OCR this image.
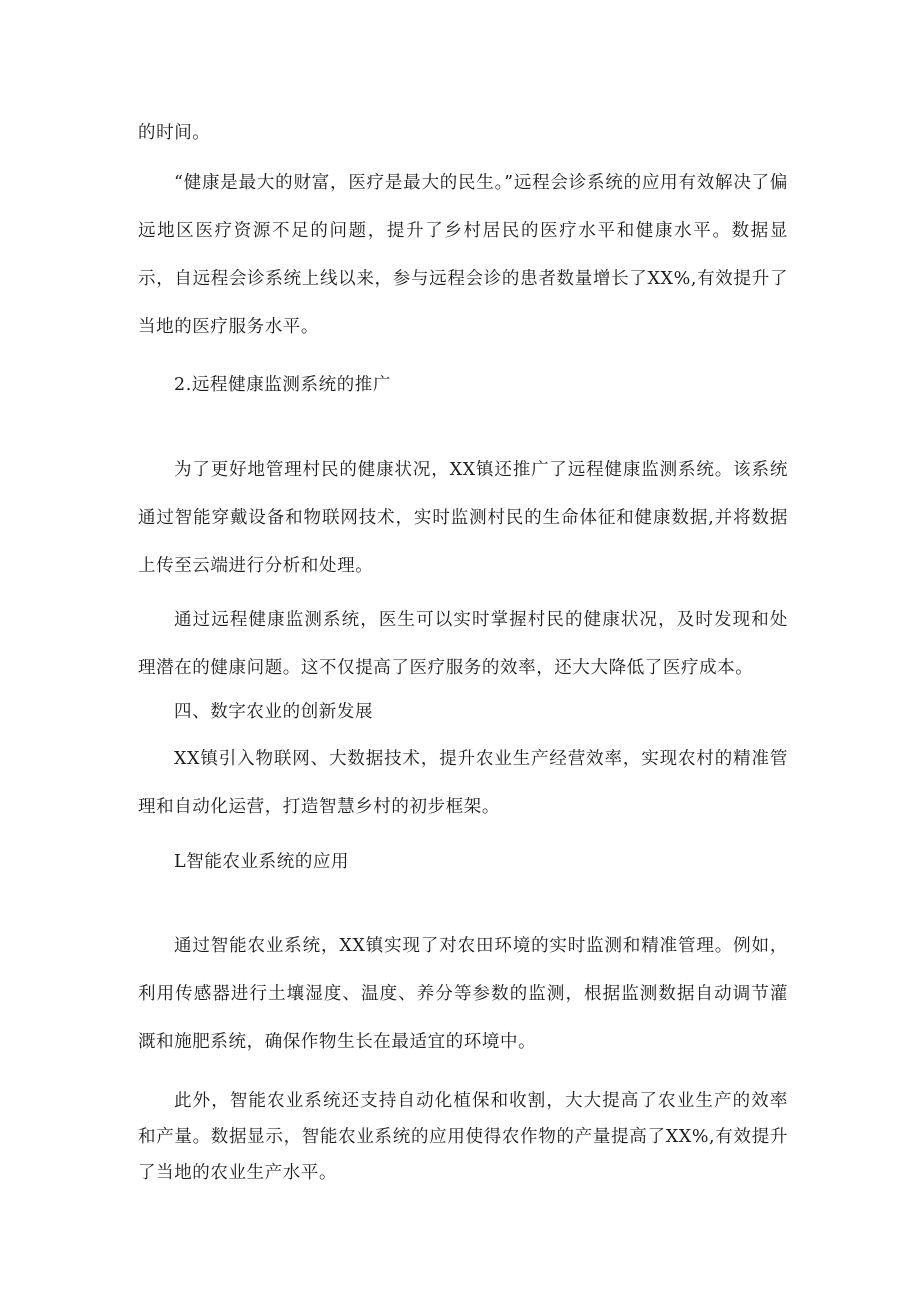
的时间。

“健康是最大的财富，医疗是最大的民生。”远程会诊系统的应用有效解决了偏远地区医疗资源不足的问题，提升了乡村居民的医疗水平和健康水平。数据显示，自远程会诊系统上线以来，参与远程会诊的患者数量增长了XX%,有效提升了当地的医疗服务水平。

2.远程健康监测系统的推广

为了更好地管理村民的健康状况，XX镇还推广了远程健康监测系统。该系统通过智能穿戴设备和物联网技术，实时监测村民的生命体征和健康数据,并将数据上传至云端进行分析和处理。

通过远程健康监测系统，医生可以实时掌握村民的健康状况，及时发现和处理潜在的健康问题。这不仅提高了医疗服务的效率，还大大降低了医疗成本。

四、数字农业的创新发展

XX镇引入物联网、大数据技术，提升农业生产经营效率，实现农村的精准管理和自动化运营，打造智慧乡村的初步框架。

L智能农业系统的应用

通过智能农业系统，XX镇实现了对农田环境的实时监测和精准管理。例如，利用传感器进行土壤湿度、温度、养分等参数的监测，根据监测数据自动调节灌溉和施肥系统，确保作物生长在最适宜的环境中。

此外，智能农业系统还支持自动化植保和收割，大大提高了农业生产的效率和产量。数据显示，智能农业系统的应用使得农作物的产量提高了XX%,有效提升了当地的农业生产水平。
